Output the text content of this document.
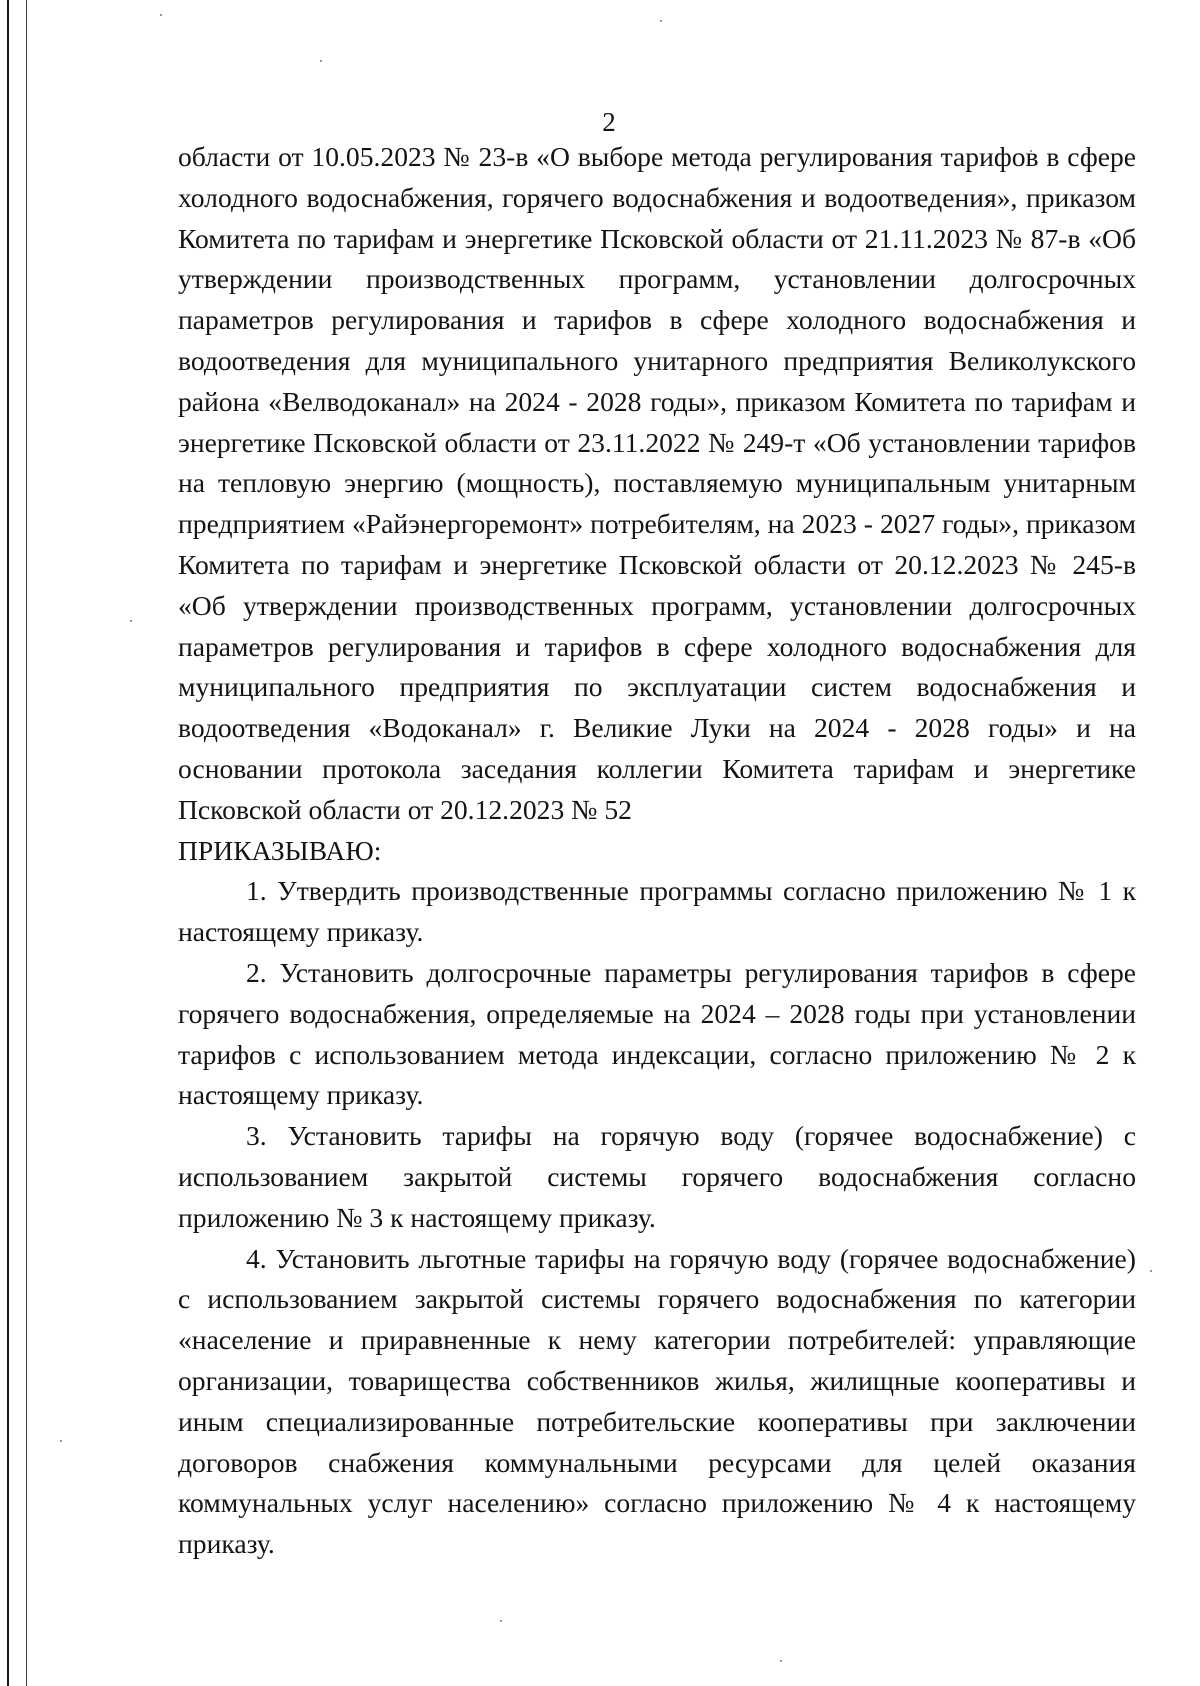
2

области от 10.05.2023 № 23-в «О выборе метода регулирования тарифов в сфере холодного водоснабжения, горячего водоснабжения и водоотведения», приказом Комитета по тарифам и энергетике Псковской области от 21.11.2023 № 87-в «Об утверждении производственных программ, установлении долгосрочных параметров регулирования и тарифов в сфере холодного водоснабжения и водоотведения для муниципального унитарного предприятия Великолукского района «Велводоканал» на 2024 - 2028 годы», приказом Комитета по тарифам и энергетике Псковской области от 23.11.2022 № 249-т «Об установлении тарифов на тепловую энергию (мощность), поставляемую муниципальным унитарным предприятием «Райэнергоремонт» потребителям, на 2023 - 2027 годы», приказом Комитета по тарифам и энергетике Псковской области от 20.12.2023 № 245-в «Об утверждении производственных программ, установлении долгосрочных параметров регулирования и тарифов в сфере холодного водоснабжения для муниципального предприятия по эксплуатации систем водоснабжения и водоотведения «Водоканал» г. Великие Луки на 2024 - 2028 годы» и на основании протокола заседания коллегии Комитета тарифам и энергетике Псковской области от 20.12.2023 № 52

ПРИКАЗЫВАЮ:

1. Утвердить производственные программы согласно приложению № 1 к настоящему приказу.

2. Установить долгосрочные параметры регулирования тарифов в сфере горячего водоснабжения, определяемые на 2024 – 2028 годы при установлении тарифов с использованием метода индексации, согласно приложению № 2 к настоящему приказу.

3. Установить тарифы на горячую воду (горячее водоснабжение) с использованием закрытой системы горячего водоснабжения согласно приложению № 3 к настоящему приказу.

4. Установить льготные тарифы на горячую воду (горячее водоснабжение) с использованием закрытой системы горячего водоснабжения по категории «население и приравненные к нему категории потребителей: управляющие организации, товарищества собственников жилья, жилищные кооперативы и иным специализированные потребительские кооперативы при заключении договоров снабжения коммунальными ресурсами для целей оказания коммунальных услуг населению» согласно приложению № 4 к настоящему приказу.
